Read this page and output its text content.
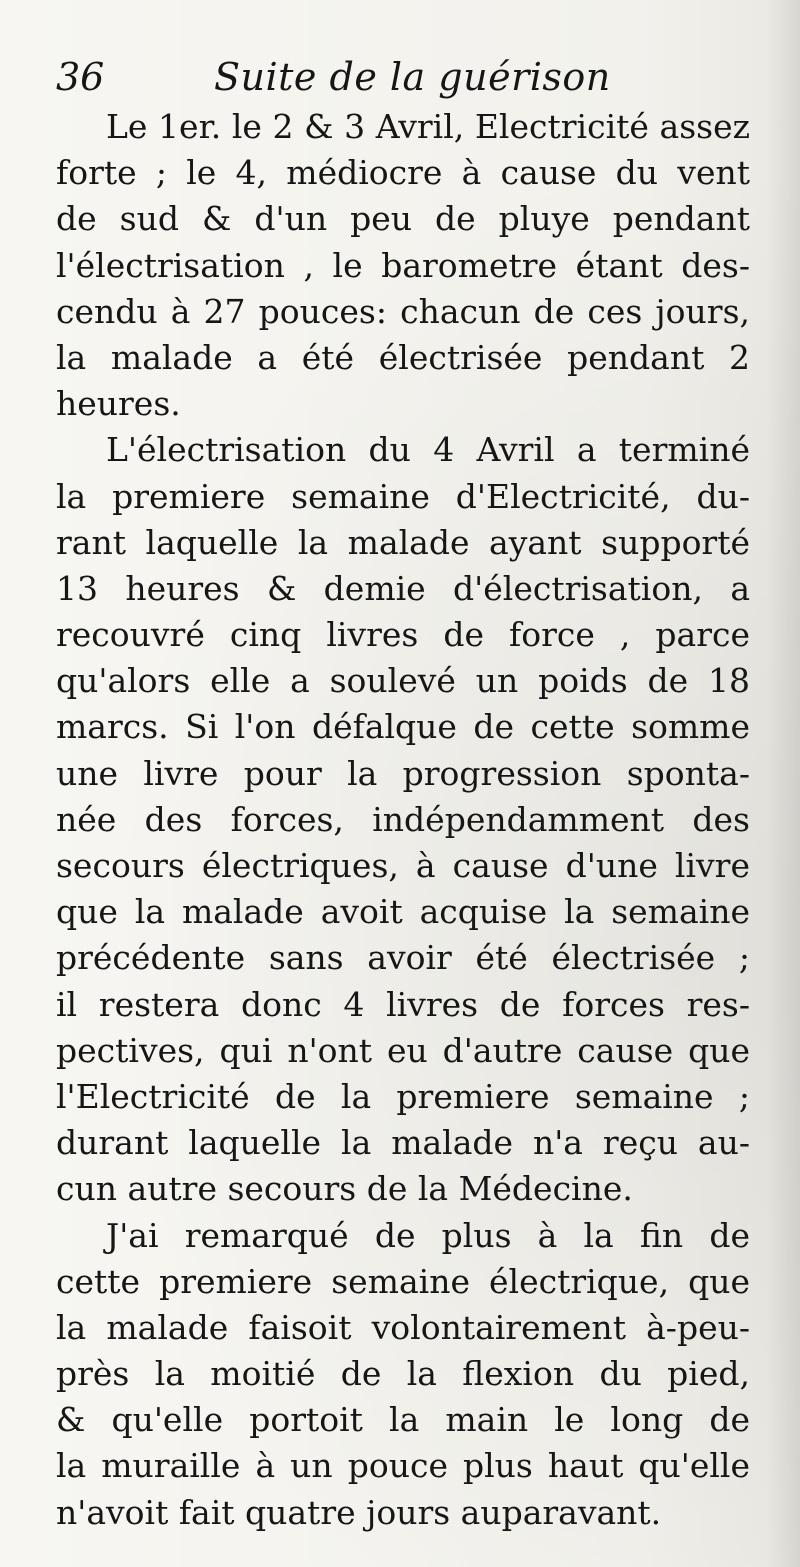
36	Suite de la guérison
Le 1er. le 2 & 3 Avril, Electricité assez
forte ; le 4, médiocre à cause du vent
de sud & d'un peu de pluye pendant
l'électrisation , le barometre étant des-
cendu à 27 pouces: chacun de ces jours,
la malade a été électrisée pendant 2
heures.
L'électrisation du 4 Avril a terminé
la premiere semaine d'Electricité, du-
rant laquelle la malade ayant supporté
13 heures & demie d'électrisation, a
recouvré cinq livres de force , parce
qu'alors elle a soulevé un poids de 18
marcs. Si l'on défalque de cette somme
une livre pour la progression sponta-
née des forces, indépendamment des
secours électriques, à cause d'une livre
que la malade avoit acquise la semaine
précédente sans avoir été électrisée ;
il restera donc 4 livres de forces res-
pectives, qui n'ont eu d'autre cause que
l'Electricité de la premiere semaine ;
durant laquelle la malade n'a reçu au-
cun autre secours de la Médecine.
J'ai remarqué de plus à la fin de
cette premiere semaine électrique, que
la malade faisoit volontairement à-peu-
près la moitié de la flexion du pied,
& qu'elle portoit la main le long de
la muraille à un pouce plus haut qu'elle
n'avoit fait quatre jours auparavant.
